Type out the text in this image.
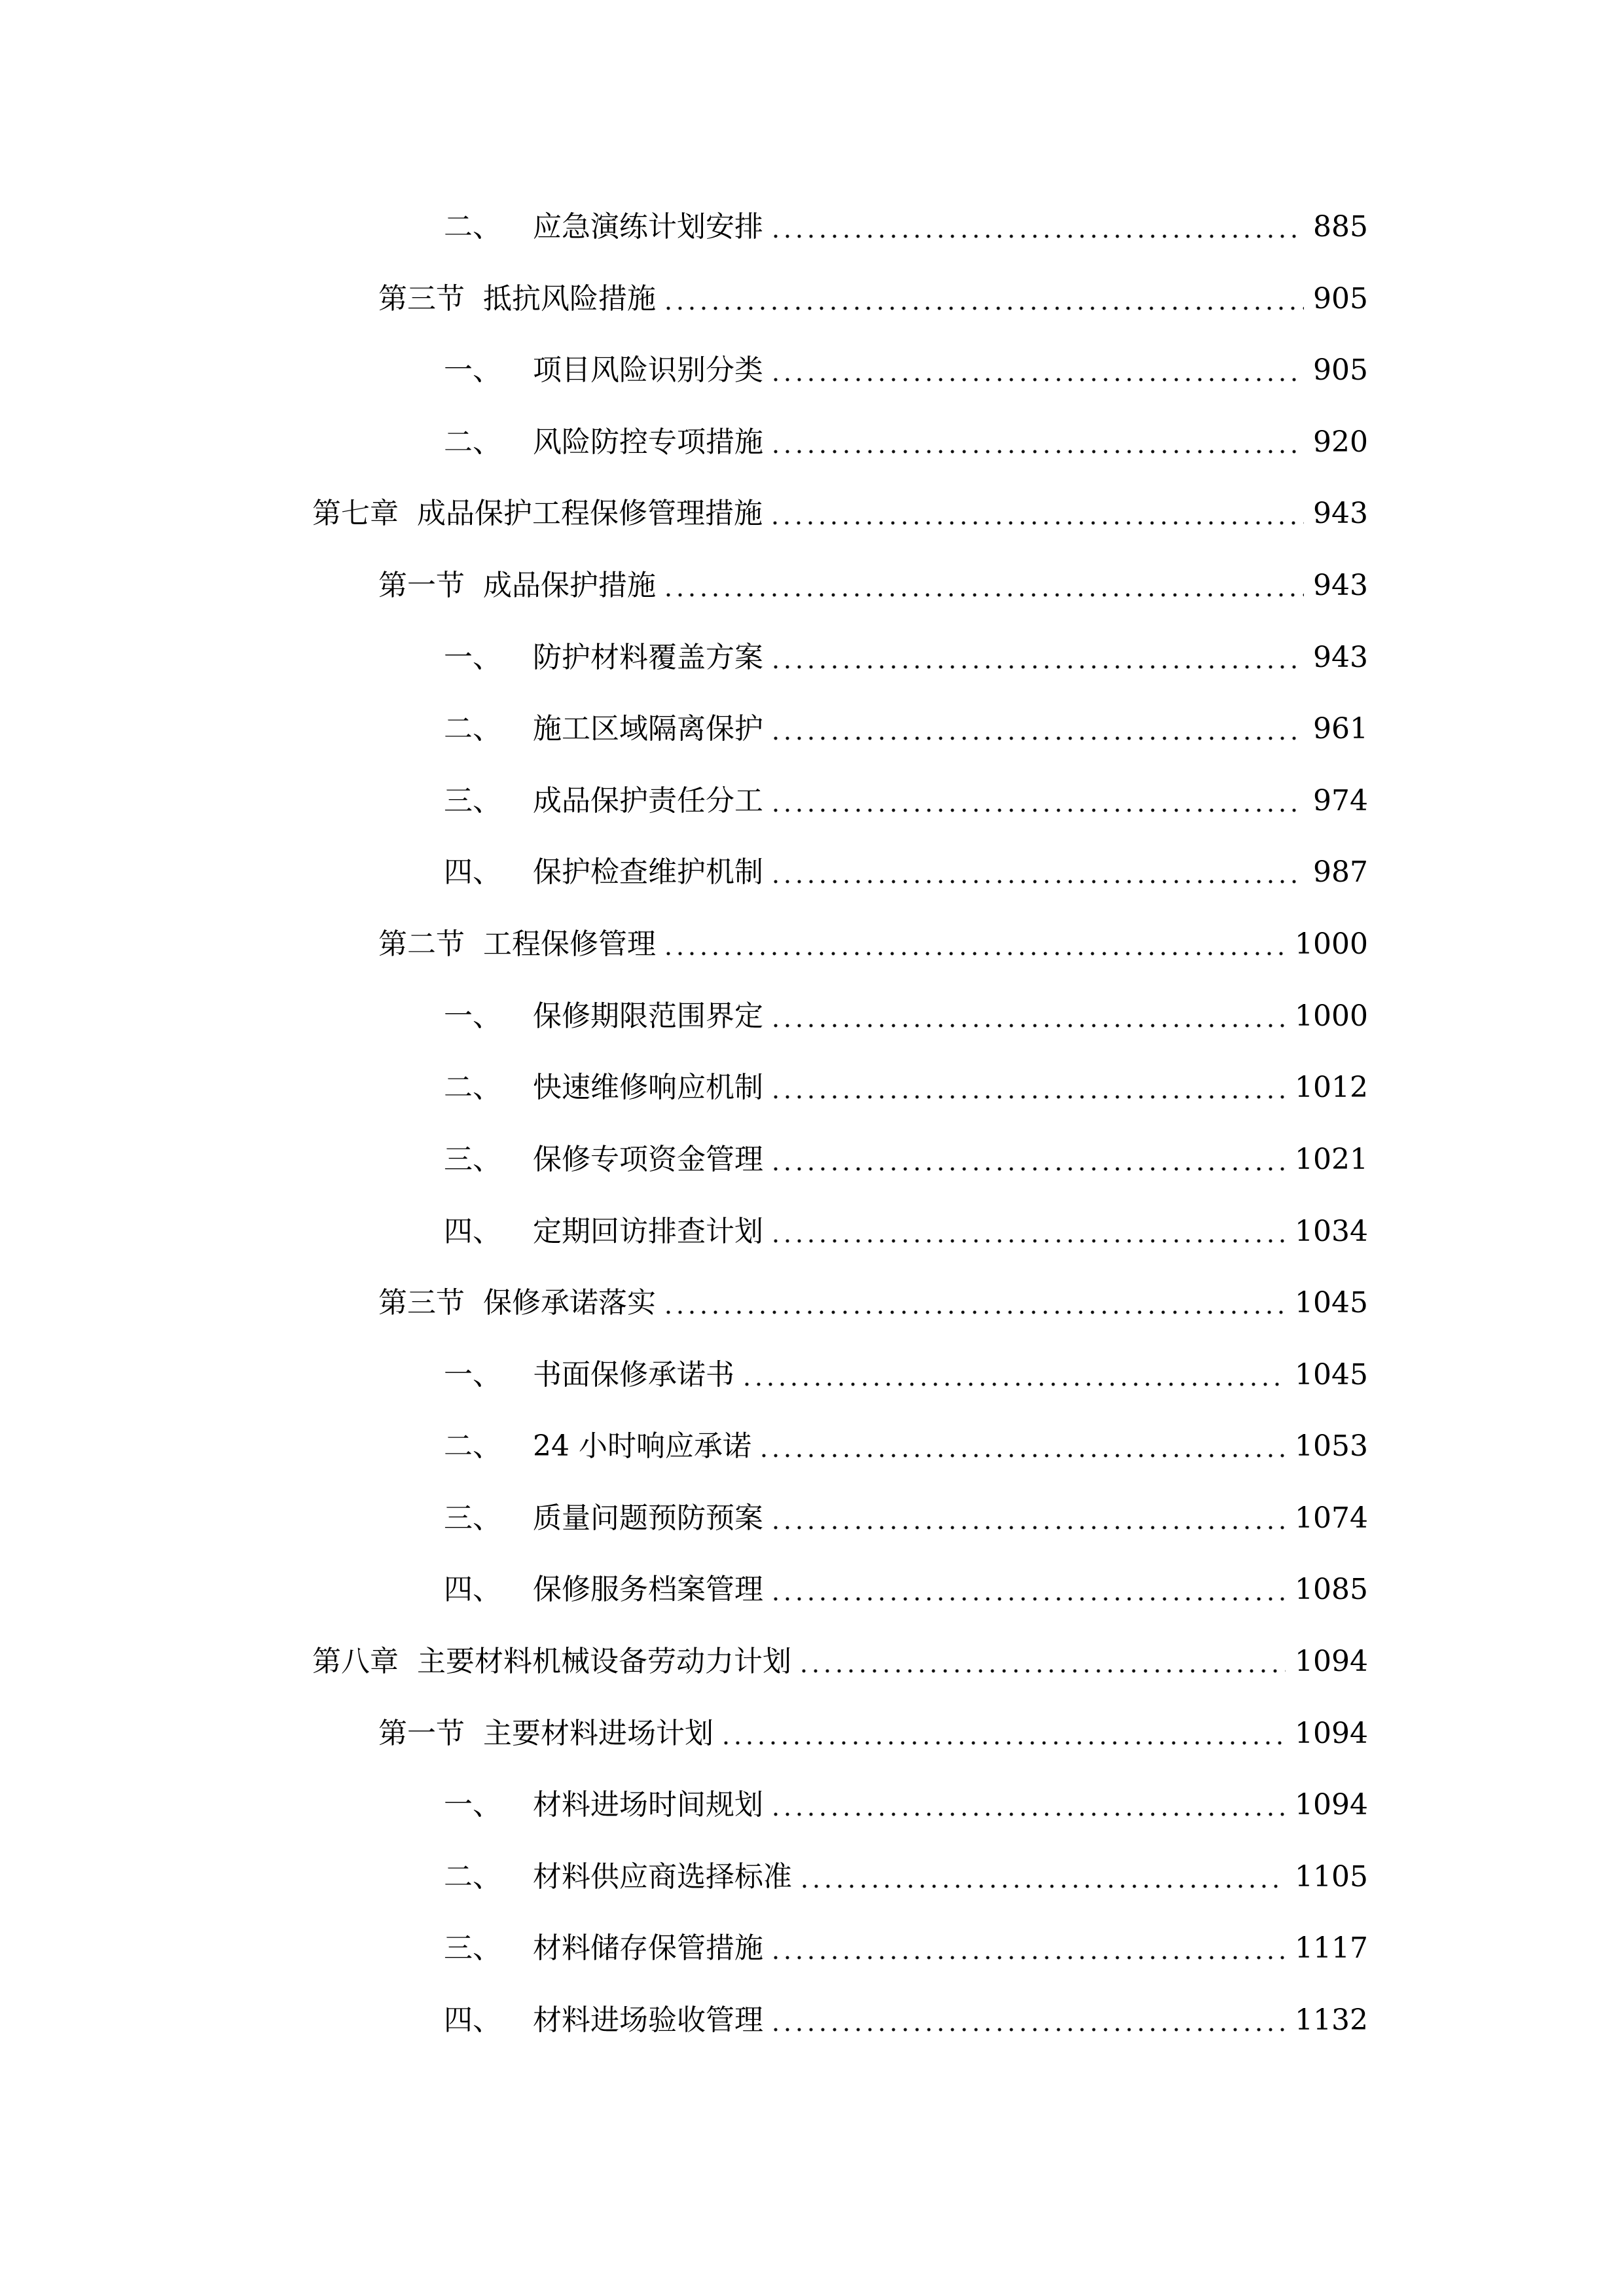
二、 应急演练计划安排	885
第三节 抵抗风险措施	905
一、 项目风险识别分类	905
二、 风险防控专项措施	920
第七章 成品保护工程保修管理措施	943
第一节 成品保护措施	943
一、 防护材料覆盖方案	943
二、 施工区域隔离保护	961
三、 成品保护责任分工	974
四、 保护检查维护机制	987
第二节 工程保修管理	1000
一、 保修期限范围界定	1000
二、 快速维修响应机制	1012
三、 保修专项资金管理	1021
四、 定期回访排查计划	1034
第三节 保修承诺落实	1045
一、 书面保修承诺书	1045
二、 24 小时响应承诺	1053
三、 质量问题预防预案	1074
四、 保修服务档案管理	1085
第八章 主要材料机械设备劳动力计划	1094
第一节 主要材料进场计划	1094
一、 材料进场时间规划	1094
二、 材料供应商选择标准	1105
三、 材料储存保管措施	1117
四、 材料进场验收管理	1132
